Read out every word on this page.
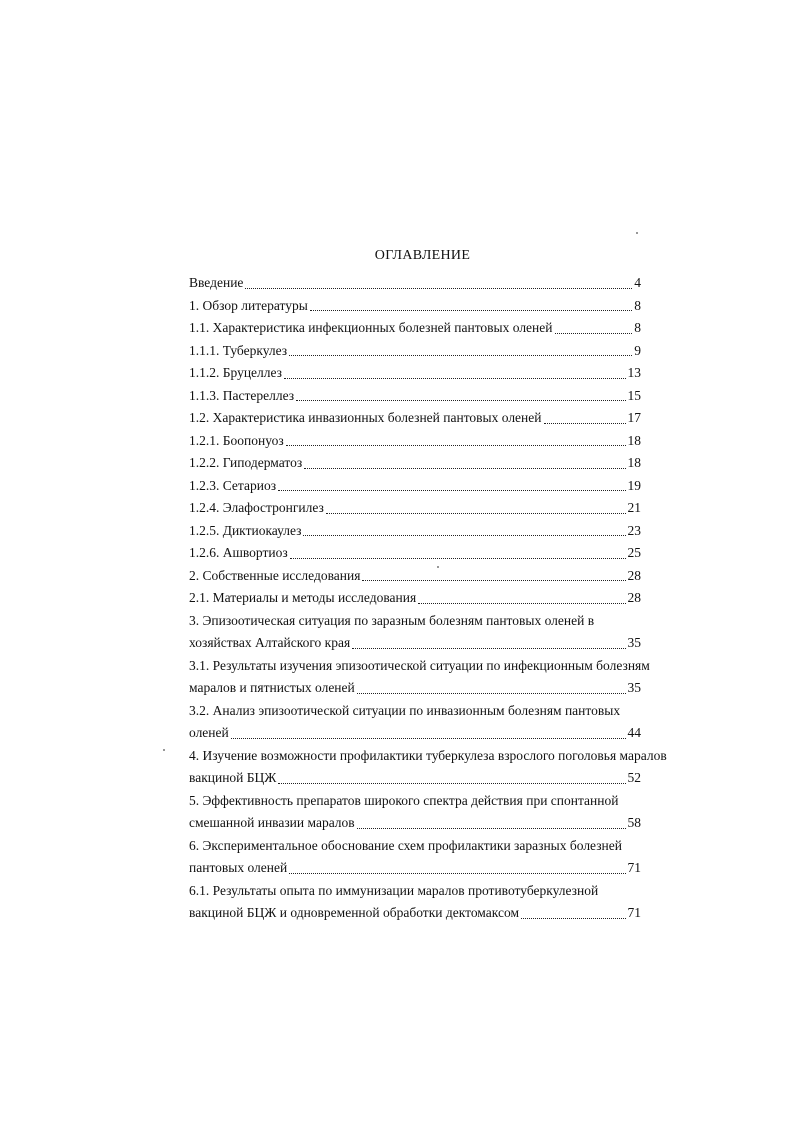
ОГЛАВЛЕНИЕ
Введение	4
1. Обзор литературы	8
1.1. Характеристика инфекционных болезней пантовых оленей	8
1.1.1. Туберкулез	9
1.1.2. Бруцеллез	13
1.1.3. Пастереллез	15
1.2. Характеристика инвазионных болезней пантовых оленей	17
1.2.1. Боопонуоз	18
1.2.2. Гиподерматоз	18
1.2.3. Сетариоз	19
1.2.4. Элафостронгилез	21
1.2.5. Диктиокаулез	23
1.2.6. Ашвортиоз	25
2. Собственные исследования	28
2.1. Материалы и методы исследования	28
3. Эпизоотическая ситуация по заразным болезням пантовых оленей в
хозяйствах Алтайского края	35
3.1. Результаты изучения эпизоотической ситуации по инфекционным болезням
маралов и пятнистых оленей	35
3.2. Анализ эпизоотической ситуации по инвазионным болезням пантовых
оленей	44
4. Изучение возможности профилактики туберкулеза взрослого поголовья маралов
вакциной БЦЖ	52
5. Эффективность препаратов широкого спектра действия при спонтанной
смешанной инвазии маралов	58
6. Экспериментальное обоснование схем профилактики заразных болезней
пантовых оленей	71
6.1. Результаты опыта по иммунизации маралов противотуберкулезной
вакциной БЦЖ и одновременной обработки дектомаксом	71
